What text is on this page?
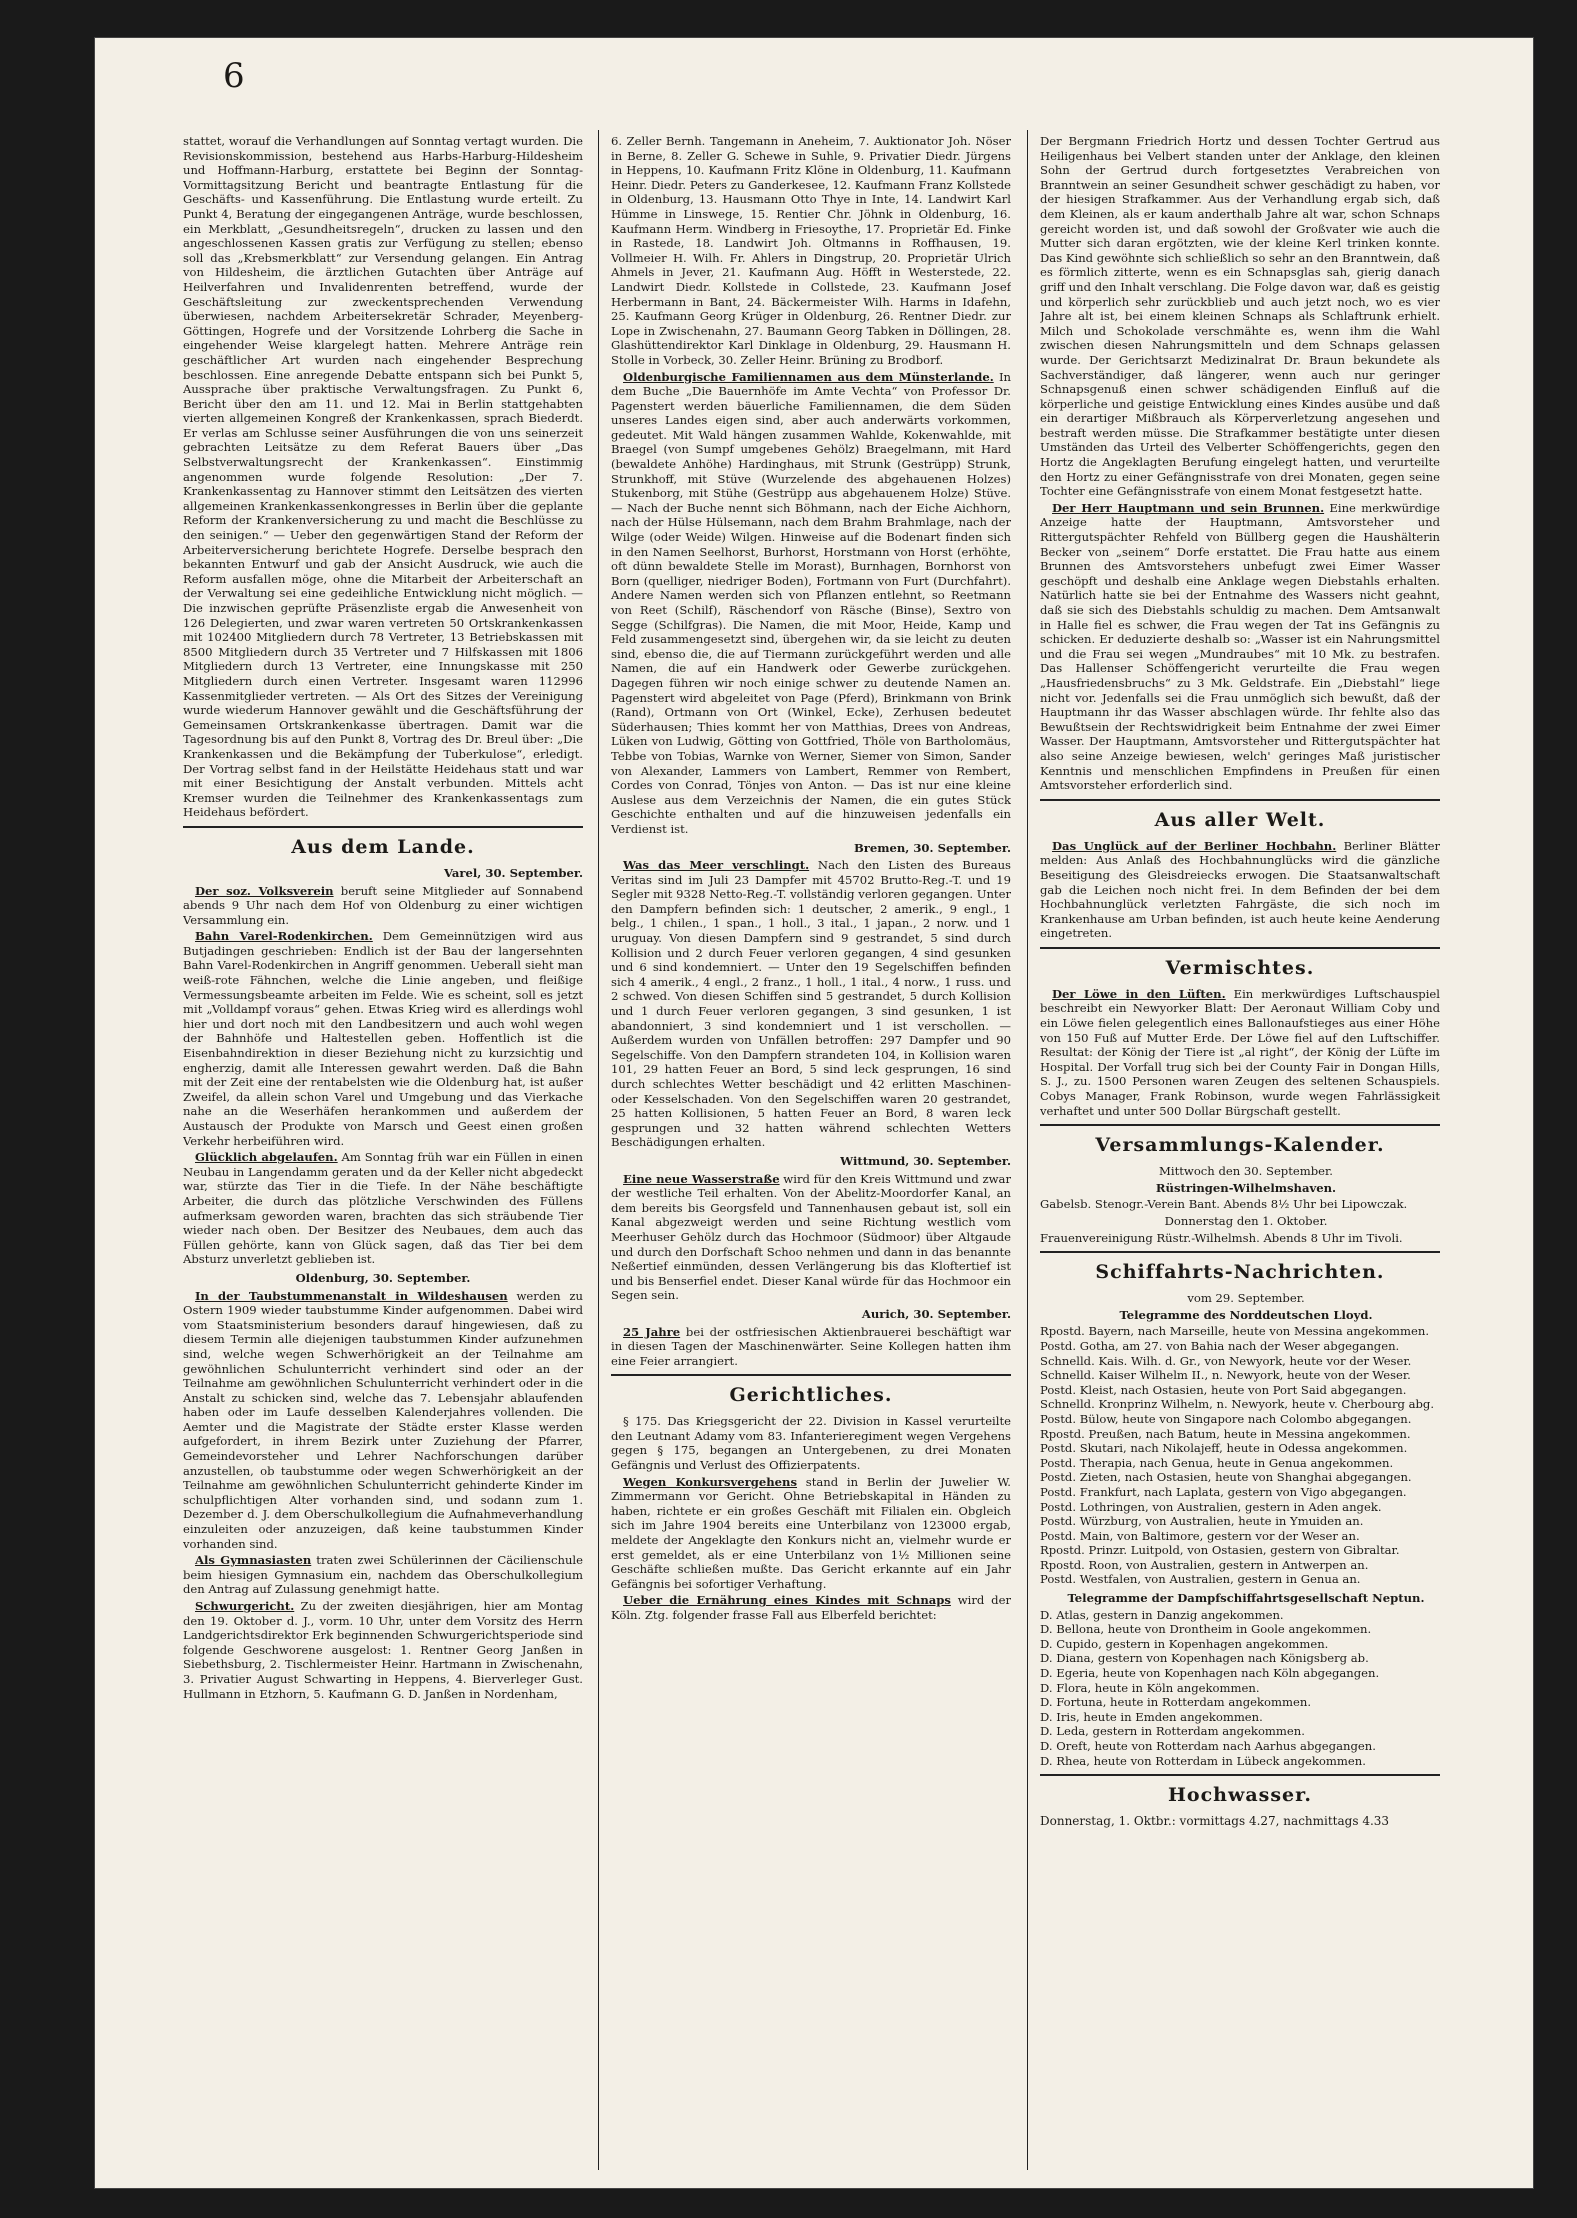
6

stattet, worauf die Verhandlungen auf Sonntag vertagt wurden. Die Revisionskommission, bestehend aus Harbs-Harburg-Hildesheim und Hoffmann-Harburg, erstattete bei Beginn der Sonntag-Vormittagsitzung Bericht und beantragte Entlastung für die Geschäfts- und Kassenführung. Die Entlastung wurde erteilt. Zu Punkt 4, Beratung der eingegangenen Anträge, wurde beschlossen, ein Merkblatt, „Gesundheitsregeln“, drucken zu lassen und den angeschlossenen Kassen gratis zur Verfügung zu stellen; ebenso soll das „Krebsmerkblatt“ zur Versendung gelangen. Ein Antrag von Hildesheim, die ärztlichen Gutachten über Anträge auf Heilverfahren und Invalidenrenten betreffend, wurde der Geschäftsleitung zur zweckentsprechenden Verwendung überwiesen, nachdem Arbeitersekretär Schrader, Meyenberg-Göttingen, Hogrefe und der Vorsitzende Lohrberg die Sache in eingehender Weise klargelegt hatten. Mehrere Anträge rein geschäftlicher Art wurden nach eingehender Besprechung beschlossen. Eine anregende Debatte entspann sich bei Punkt 5, Aussprache über praktische Verwaltungsfragen. Zu Punkt 6, Bericht über den am 11. und 12. Mai in Berlin stattgehabten vierten allgemeinen Kongreß der Krankenkassen, sprach Biederdt. Er verlas am Schlusse seiner Ausführungen die von uns seinerzeit gebrachten Leitsätze zu dem Referat Bauers über „Das Selbstverwaltungsrecht der Krankenkassen“. Einstimmig angenommen wurde folgende Resolution: „Der 7. Krankenkassentag zu Hannover stimmt den Leitsätzen des vierten allgemeinen Krankenkassenkongresses in Berlin über die geplante Reform der Krankenversicherung zu und macht die Beschlüsse zu den seinigen.“ — Ueber den gegenwärtigen Stand der Reform der Arbeiterversicherung berichtete Hogrefe. Derselbe besprach den bekannten Entwurf und gab der Ansicht Ausdruck, wie auch die Reform ausfallen möge, ohne die Mitarbeit der Arbeiterschaft an der Verwaltung sei eine gedeihliche Entwicklung nicht möglich. — Die inzwischen geprüfte Präsenzliste ergab die Anwesenheit von 126 Delegierten, und zwar waren vertreten 50 Ortskrankenkassen mit 102400 Mitgliedern durch 78 Vertreter, 13 Betriebskassen mit 8500 Mitgliedern durch 35 Vertreter und 7 Hilfskassen mit 1806 Mitgliedern durch 13 Vertreter, eine Innungskasse mit 250 Mitgliedern durch einen Vertreter. Insgesamt waren 112996 Kassenmitglieder vertreten. — Als Ort des Sitzes der Vereinigung wurde wiederum Hannover gewählt und die Geschäftsführung der Gemeinsamen Ortskrankenkasse übertragen. Damit war die Tagesordnung bis auf den Punkt 8, Vortrag des Dr. Breul über: „Die Krankenkassen und die Bekämpfung der Tuberkulose“, erledigt. Der Vortrag selbst fand in der Heilstätte Heidehaus statt und war mit einer Besichtigung der Anstalt verbunden. Mittels acht Kremser wurden die Teilnehmer des Krankenkassentags zum Heidehaus befördert.

Aus dem Lande.
Varel, 30. September.

Der soz. Volksverein beruft seine Mitglieder auf Sonnabend abends 9 Uhr nach dem Hof von Oldenburg zu einer wichtigen Versammlung ein.

Bahn Varel-Rodenkirchen. Dem Gemeinnützigen wird aus Butjadingen geschrieben: Endlich ist der Bau der langersehnten Bahn Varel-Rodenkirchen in Angriff genommen. Ueberall sieht man weiß-rote Fähnchen, welche die Linie angeben, und fleißige Vermessungsbeamte arbeiten im Felde. Wie es scheint, soll es jetzt mit „Volldampf voraus“ gehen. Etwas Krieg wird es allerdings wohl hier und dort noch mit den Landbesitzern und auch wohl wegen der Bahnhöfe und Haltestellen geben. Hoffentlich ist die Eisenbahndirektion in dieser Beziehung nicht zu kurzsichtig und engherzig, damit alle Interessen gewahrt werden. Daß die Bahn mit der Zeit eine der rentabelsten wie die Oldenburg hat, ist außer Zweifel, da allein schon Varel und Umgebung und das Vierkache nahe an die Weserhäfen herankommen und außerdem der Austausch der Produkte von Marsch und Geest einen großen Verkehr herbeiführen wird.

Glücklich abgelaufen. Am Sonntag früh war ein Füllen in einen Neubau in Langendamm geraten und da der Keller nicht abgedeckt war, stürzte das Tier in die Tiefe. In der Nähe beschäftigte Arbeiter, die durch das plötzliche Verschwinden des Füllens aufmerksam geworden waren, brachten das sich sträubende Tier wieder nach oben. Der Besitzer des Neubaues, dem auch das Füllen gehörte, kann von Glück sagen, daß das Tier bei dem Absturz unverletzt geblieben ist.

Oldenburg, 30. September.

In der Taubstummenanstalt in Wildeshausen werden zu Ostern 1909 wieder taubstumme Kinder aufgenommen. Dabei wird vom Staatsministerium besonders darauf hingewiesen, daß zu diesem Termin alle diejenigen taubstummen Kinder aufzunehmen sind, welche wegen Schwerhörigkeit an der Teilnahme am gewöhnlichen Schulunterricht verhindert sind oder an der Teilnahme am gewöhnlichen Schulunterricht verhindert oder in die Anstalt zu schicken sind, welche das 7. Lebensjahr ablaufenden haben oder im Laufe desselben Kalenderjahres vollenden. Die Aemter und die Magistrate der Städte erster Klasse werden aufgefordert, in ihrem Bezirk unter Zuziehung der Pfarrer, Gemeindevorsteher und Lehrer Nachforschungen darüber anzustellen, ob taubstumme oder wegen Schwerhörigkeit an der Teilnahme am gewöhnlichen Schulunterricht gehinderte Kinder im schulpflichtigen Alter vorhanden sind, und sodann zum 1. Dezember d. J. dem Oberschulkollegium die Aufnahmeverhandlung einzuleiten oder anzuzeigen, daß keine taubstummen Kinder vorhanden sind.

Als Gymnasiasten traten zwei Schülerinnen der Cäcilienschule beim hiesigen Gymnasium ein, nachdem das Oberschulkollegium den Antrag auf Zulassung genehmigt hatte.

Schwurgericht. Zu der zweiten diesjährigen, hier am Montag den 19. Oktober d. J., vorm. 10 Uhr, unter dem Vorsitz des Herrn Landgerichtsdirektor Erk beginnenden Schwurgerichtsperiode sind folgende Geschworene ausgelost: 1. Rentner Georg Janßen in Siebethsburg, 2. Tischlermeister Heinr. Hartmann in Zwischenahn, 3. Privatier August Schwarting in Heppens, 4. Bierverleger Gust. Hullmann in Etzhorn, 5. Kaufmann G. D. Janßen in Nordenham,

6. Zeller Bernh. Tangemann in Aneheim, 7. Auktionator Joh. Nöser in Berne, 8. Zeller G. Schewe in Suhle, 9. Privatier Diedr. Jürgens in Heppens, 10. Kaufmann Fritz Klöne in Oldenburg, 11. Kaufmann Heinr. Diedr. Peters zu Ganderkesee, 12. Kaufmann Franz Kollstede in Oldenburg, 13. Hausmann Otto Thye in Inte, 14. Landwirt Karl Hümme in Linswege, 15. Rentier Chr. Jöhnk in Oldenburg, 16. Kaufmann Herm. Windberg in Friesoythe, 17. Proprietär Ed. Finke in Rastede, 18. Landwirt Joh. Oltmanns in Roffhausen, 19. Vollmeier H. Wilh. Fr. Ahlers in Dingstrup, 20. Proprietär Ulrich Ahmels in Jever, 21. Kaufmann Aug. Höfft in Westerstede, 22. Landwirt Diedr. Kollstede in Collstede, 23. Kaufmann Josef Herbermann in Bant, 24. Bäckermeister Wilh. Harms in Idafehn, 25. Kaufmann Georg Krüger in Oldenburg, 26. Rentner Diedr. zur Lope in Zwischenahn, 27. Baumann Georg Tabken in Döllingen, 28. Glashüttendirektor Karl Dinklage in Oldenburg, 29. Hausmann H. Stolle in Vorbeck, 30. Zeller Heinr. Brüning zu Brodborf.

Oldenburgische Familiennamen aus dem Münsterlande. In dem Buche „Die Bauernhöfe im Amte Vechta“ von Professor Dr. Pagenstert werden bäuerliche Familiennamen, die dem Süden unseres Landes eigen sind, aber auch anderwärts vorkommen, gedeutet. Mit Wald hängen zusammen Wahlde, Kokenwahlde, mit Braegel (von Sumpf umgebenes Gehölz) Braegelmann, mit Hard (bewaldete Anhöhe) Hardinghaus, mit Strunk (Gestrüpp) Strunk, Strunkhoff, mit Stüve (Wurzelende des abgehauenen Holzes) Stukenborg, mit Stühe (Gestrüpp aus abgehauenem Holze) Stüve. — Nach der Buche nennt sich Böhmann, nach der Eiche Aichhorn, nach der Hülse Hülsemann, nach dem Brahm Brahmlage, nach der Wilge (oder Weide) Wilgen. Hinweise auf die Bodenart finden sich in den Namen Seelhorst, Burhorst, Horstmann von Horst (erhöhte, oft dünn bewaldete Stelle im Morast), Burnhagen, Bornhorst von Born (quelliger, niedriger Boden), Fortmann von Furt (Durchfahrt). Andere Namen werden sich von Pflanzen entlehnt, so Reetmann von Reet (Schilf), Räschendorf von Räsche (Binse), Sextro von Segge (Schilfgras). Die Namen, die mit Moor, Heide, Kamp und Feld zusammengesetzt sind, übergehen wir, da sie leicht zu deuten sind, ebenso die, die auf Tiermann zurückgeführt werden und alle Namen, die auf ein Handwerk oder Gewerbe zurückgehen. Dagegen führen wir noch einige schwer zu deutende Namen an. Pagenstert wird abgeleitet von Page (Pferd), Brinkmann von Brink (Rand), Ortmann von Ort (Winkel, Ecke), Zerhusen bedeutet Süderhausen; Thies kommt her von Matthias, Drees von Andreas, Lüken von Ludwig, Götting von Gottfried, Thöle von Bartholomäus, Tebbe von Tobias, Warnke von Werner, Siemer von Simon, Sander von Alexander, Lammers von Lambert, Remmer von Rembert, Cordes von Conrad, Tönjes von Anton. — Das ist nur eine kleine Auslese aus dem Verzeichnis der Namen, die ein gutes Stück Geschichte enthalten und auf die hinzuweisen jedenfalls ein Verdienst ist.

Bremen, 30. September.

Was das Meer verschlingt. Nach den Listen des Bureaus Veritas sind im Juli 23 Dampfer mit 45702 Brutto-Reg.-T. und 19 Segler mit 9328 Netto-Reg.-T. vollständig verloren gegangen. Unter den Dampfern befinden sich: 1 deutscher, 2 amerik., 9 engl., 1 belg., 1 chilen., 1 span., 1 holl., 3 ital., 1 japan., 2 norw. und 1 uruguay. Von diesen Dampfern sind 9 gestrandet, 5 sind durch Kollision und 2 durch Feuer verloren gegangen, 4 sind gesunken und 6 sind kondemniert. — Unter den 19 Segelschiffen befinden sich 4 amerik., 4 engl., 2 franz., 1 holl., 1 ital., 4 norw., 1 russ. und 2 schwed. Von diesen Schiffen sind 5 gestrandet, 5 durch Kollision und 1 durch Feuer verloren gegangen, 3 sind gesunken, 1 ist abandonniert, 3 sind kondemniert und 1 ist verschollen. — Außerdem wurden von Unfällen betroffen: 297 Dampfer und 90 Segelschiffe. Von den Dampfern strandeten 104, in Kollision waren 101, 29 hatten Feuer an Bord, 5 sind leck gesprungen, 16 sind durch schlechtes Wetter beschädigt und 42 erlitten Maschinen- oder Kesselschaden. Von den Segelschiffen waren 20 gestrandet, 25 hatten Kollisionen, 5 hatten Feuer an Bord, 8 waren leck gesprungen und 32 hatten während schlechten Wetters Beschädigungen erhalten.

Wittmund, 30. September.

Eine neue Wasserstraße wird für den Kreis Wittmund und zwar der westliche Teil erhalten. Von der Abelitz-Moordorfer Kanal, an dem bereits bis Georgsfeld und Tannenhausen gebaut ist, soll ein Kanal abgezweigt werden und seine Richtung westlich vom Meerhuser Gehölz durch das Hochmoor (Südmoor) über Altgaude und durch den Dorfschaft Schoo nehmen und dann in das benannte Neßertief einmünden, dessen Verlängerung bis das Kloftertief ist und bis Benserfiel endet. Dieser Kanal würde für das Hochmoor ein Segen sein.

Aurich, 30. September.

25 Jahre bei der ostfriesischen Aktienbrauerei beschäftigt war in diesen Tagen der Maschinenwärter. Seine Kollegen hatten ihm eine Feier arrangiert.

Gerichtliches.

§ 175. Das Kriegsgericht der 22. Division in Kassel verurteilte den Leutnant Adamy vom 83. Infanterieregiment wegen Vergehens gegen § 175, begangen an Untergebenen, zu drei Monaten Gefängnis und Verlust des Offizierpatents.

Wegen Konkursvergehens stand in Berlin der Juwelier W. Zimmermann vor Gericht. Ohne Betriebskapital in Händen zu haben, richtete er ein großes Geschäft mit Filialen ein. Obgleich sich im Jahre 1904 bereits eine Unterbilanz von 123000 ergab, meldete der Angeklagte den Konkurs nicht an, vielmehr wurde er erst gemeldet, als er eine Unterbilanz von 1½ Millionen seine Geschäfte schließen mußte. Das Gericht erkannte auf ein Jahr Gefängnis bei sofortiger Verhaftung.

Ueber die Ernährung eines Kindes mit Schnaps wird der Köln. Ztg. folgender frasse Fall aus Elberfeld berichtet:

Der Bergmann Friedrich Hortz und dessen Tochter Gertrud aus Heiligenhaus bei Velbert standen unter der Anklage, den kleinen Sohn der Gertrud durch fortgesetztes Verabreichen von Branntwein an seiner Gesundheit schwer geschädigt zu haben, vor der hiesigen Strafkammer. Aus der Verhandlung ergab sich, daß dem Kleinen, als er kaum anderthalb Jahre alt war, schon Schnaps gereicht worden ist, und daß sowohl der Großvater wie auch die Mutter sich daran ergötzten, wie der kleine Kerl trinken konnte. Das Kind gewöhnte sich schließlich so sehr an den Branntwein, daß es förmlich zitterte, wenn es ein Schnapsglas sah, gierig danach griff und den Inhalt verschlang. Die Folge davon war, daß es geistig und körperlich sehr zurückblieb und auch jetzt noch, wo es vier Jahre alt ist, bei einem kleinen Schnaps als Schlaftrunk erhielt. Milch und Schokolade verschmähte es, wenn ihm die Wahl zwischen diesen Nahrungsmitteln und dem Schnaps gelassen wurde. Der Gerichtsarzt Medizinalrat Dr. Braun bekundete als Sachverständiger, daß längerer, wenn auch nur geringer Schnapsgenuß einen schwer schädigenden Einfluß auf die körperliche und geistige Entwicklung eines Kindes ausübe und daß ein derartiger Mißbrauch als Körperverletzung angesehen und bestraft werden müsse. Die Strafkammer bestätigte unter diesen Umständen das Urteil des Velberter Schöffengerichts, gegen den Hortz die Angeklagten Berufung eingelegt hatten, und verurteilte den Hortz zu einer Gefängnisstrafe von drei Monaten, gegen seine Tochter eine Gefängnisstrafe von einem Monat festgesetzt hatte.

Der Herr Hauptmann und sein Brunnen. Eine merkwürdige Anzeige hatte der Hauptmann, Amtsvorsteher und Rittergutspächter Rehfeld von Büllberg gegen die Haushälterin Becker von „seinem“ Dorfe erstattet. Die Frau hatte aus einem Brunnen des Amtsvorstehers unbefugt zwei Eimer Wasser geschöpft und deshalb eine Anklage wegen Diebstahls erhalten. Natürlich hatte sie bei der Entnahme des Wassers nicht geahnt, daß sie sich des Diebstahls schuldig zu machen. Dem Amtsanwalt in Halle fiel es schwer, die Frau wegen der Tat ins Gefängnis zu schicken. Er deduzierte deshalb so: „Wasser ist ein Nahrungsmittel und die Frau sei wegen „Mundraubes“ mit 10 Mk. zu bestrafen. Das Hallenser Schöffengericht verurteilte die Frau wegen „Hausfriedensbruchs“ zu 3 Mk. Geldstrafe. Ein „Diebstahl“ liege nicht vor. Jedenfalls sei die Frau unmöglich sich bewußt, daß der Hauptmann ihr das Wasser abschlagen würde. Ihr fehlte also das Bewußtsein der Rechtswidrigkeit beim Entnahme der zwei Eimer Wasser. Der Hauptmann, Amtsvorsteher und Rittergutspächter hat also seine Anzeige bewiesen, welch' geringes Maß juristischer Kenntnis und menschlichen Empfindens in Preußen für einen Amtsvorsteher erforderlich sind.

Aus aller Welt.

Das Unglück auf der Berliner Hochbahn. Berliner Blätter melden: Aus Anlaß des Hochbahnunglücks wird die gänzliche Beseitigung des Gleisdreiecks erwogen. Die Staatsanwaltschaft gab die Leichen noch nicht frei. In dem Befinden der bei dem Hochbahnunglück verletzten Fahrgäste, die sich noch im Krankenhause am Urban befinden, ist auch heute keine Aenderung eingetreten.

Vermischtes.

Der Löwe in den Lüften. Ein merkwürdiges Luftschauspiel beschreibt ein Newyorker Blatt: Der Aeronaut William Coby und ein Löwe fielen gelegentlich eines Ballonaufstieges aus einer Höhe von 150 Fuß auf Mutter Erde. Der Löwe fiel auf den Luftschiffer. Resultat: der König der Tiere ist „al right“, der König der Lüfte im Hospital. Der Vorfall trug sich bei der County Fair in Dongan Hills, S. J., zu. 1500 Personen waren Zeugen des seltenen Schauspiels. Cobys Manager, Frank Robinson, wurde wegen Fahrlässigkeit verhaftet und unter 500 Dollar Bürgschaft gestellt.

Versammlungs-Kalender.

Mittwoch den 30. September.

Rüstringen-Wilhelmshaven.

Gabelsb. Stenogr.-Verein Bant. Abends 8½ Uhr bei Lipowczak.

Donnerstag den 1. Oktober.

Frauenvereinigung Rüstr.-Wilhelmsh. Abends 8 Uhr im Tivoli.

Schiffahrts-Nachrichten.

vom 29. September.

Telegramme des Norddeutschen Lloyd.

Rpostd. Bayern, nach Marseille, heute von Messina angekommen.

Postd. Gotha, am 27. von Bahia nach der Weser abgegangen.

Schnelld. Kais. Wilh. d. Gr., von Newyork, heute vor der Weser.

Schnelld. Kaiser Wilhelm II., n. Newyork, heute von der Weser.

Postd. Kleist, nach Ostasien, heute von Port Said abgegangen.

Schnelld. Kronprinz Wilhelm, n. Newyork, heute v. Cherbourg abg.

Postd. Bülow, heute von Singapore nach Colombo abgegangen.

Rpostd. Preußen, nach Batum, heute in Messina angekommen.

Postd. Skutari, nach Nikolajeff, heute in Odessa angekommen.

Postd. Therapia, nach Genua, heute in Genua angekommen.

Postd. Zieten, nach Ostasien, heute von Shanghai abgegangen.

Postd. Frankfurt, nach Laplata, gestern von Vigo abgegangen.

Postd. Lothringen, von Australien, gestern in Aden angek.

Postd. Würzburg, von Australien, heute in Ymuiden an.

Postd. Main, von Baltimore, gestern vor der Weser an.

Rpostd. Prinzr. Luitpold, von Ostasien, gestern von Gibraltar.

Rpostd. Roon, von Australien, gestern in Antwerpen an.

Postd. Westfalen, von Australien, gestern in Genua an.

Telegramme der Dampfschiffahrtsgesellschaft Neptun.

D. Atlas, gestern in Danzig angekommen.

D. Bellona, heute von Drontheim in Goole angekommen.

D. Cupido, gestern in Kopenhagen angekommen.

D. Diana, gestern von Kopenhagen nach Königsberg ab.

D. Egeria, heute von Kopenhagen nach Köln abgegangen.

D. Flora, heute in Köln angekommen.

D. Fortuna, heute in Rotterdam angekommen.

D. Iris, heute in Emden angekommen.

D. Leda, gestern in Rotterdam angekommen.

D. Oreft, heute von Rotterdam nach Aarhus abgegangen.

D. Rhea, heute von Rotterdam in Lübeck angekommen.

Hochwasser.

Donnerstag, 1. Oktbr.: vormittags 4.27, nachmittags 4.33
